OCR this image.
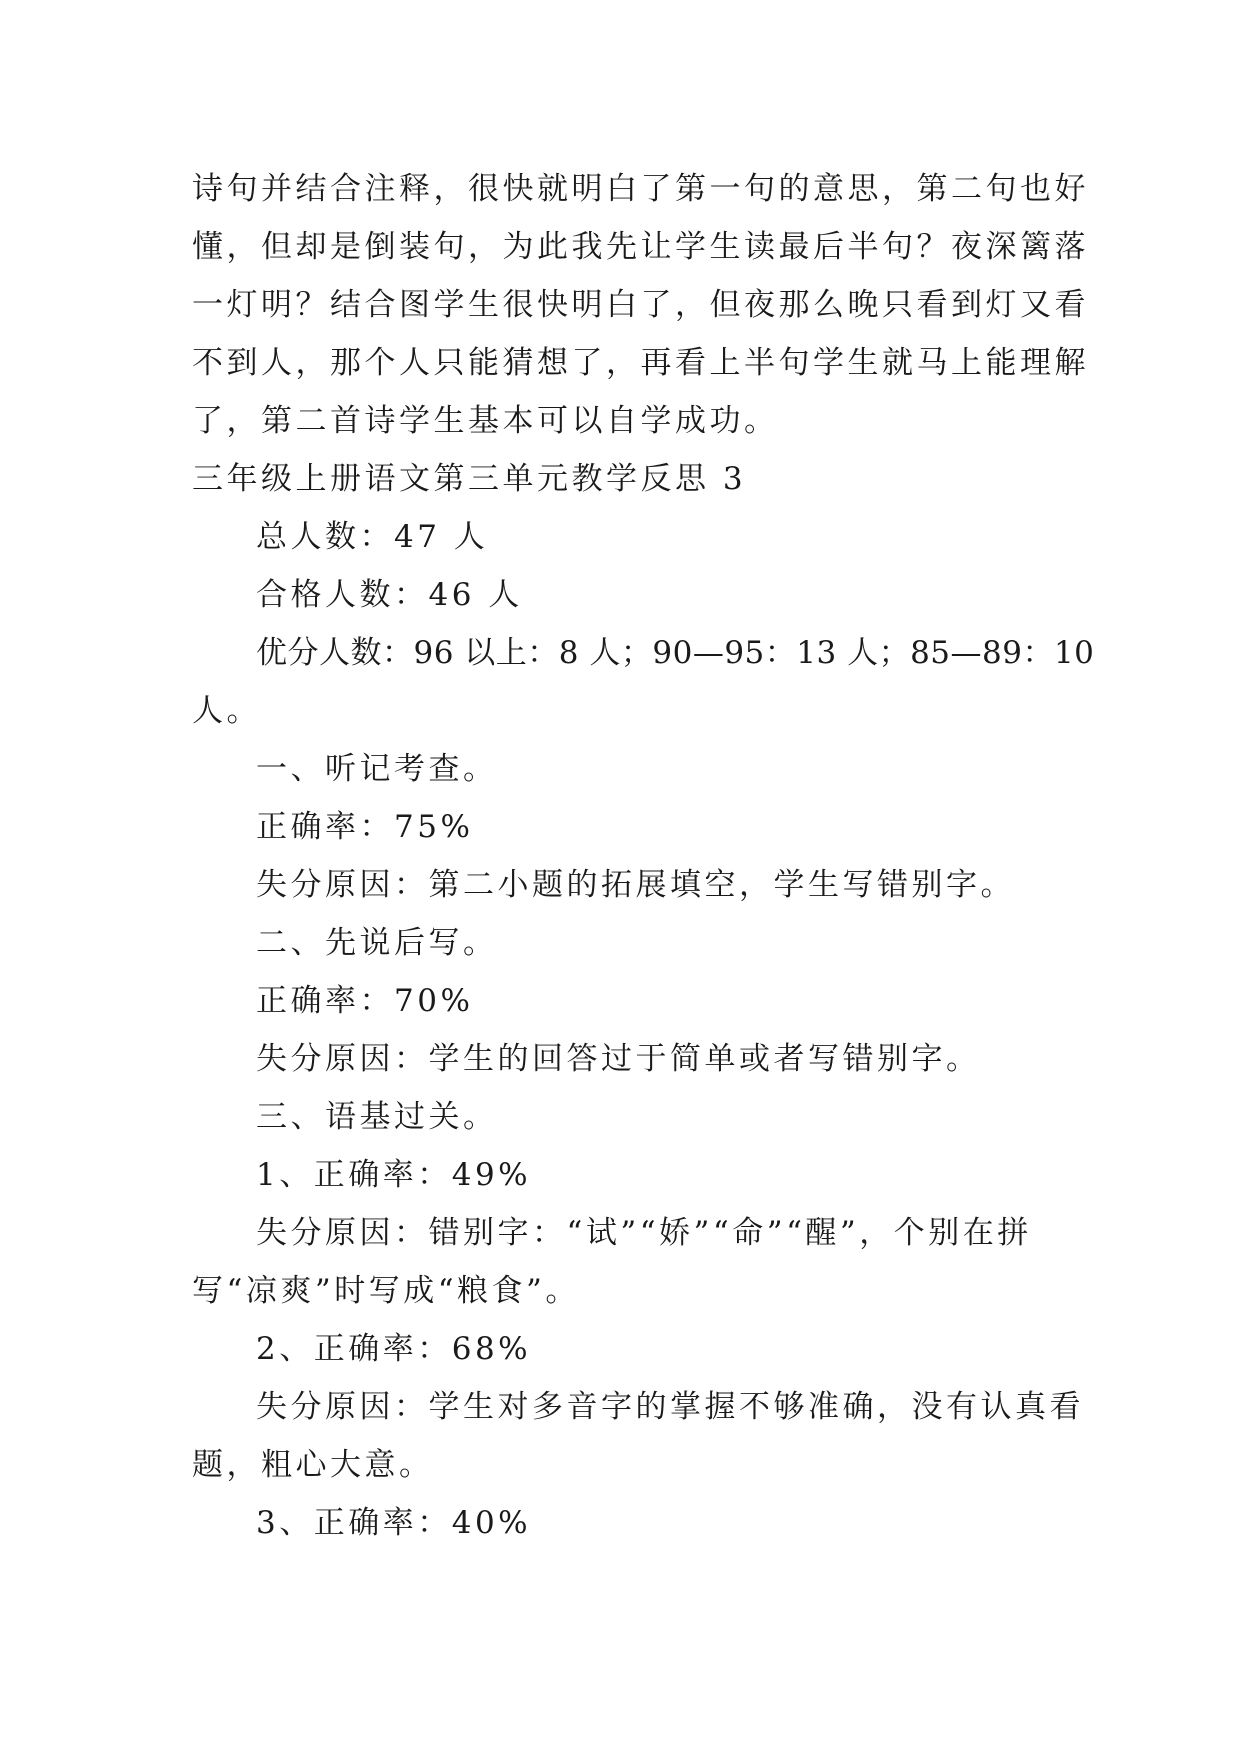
诗句并结合注释，很快就明白了第一句的意思，第二句也好
懂，但却是倒装句，为此我先让学生读最后半句？夜深篱落
一灯明？结合图学生很快明白了，但夜那么晚只看到灯又看
不到人，那个人只能猜想了，再看上半句学生就马上能理解
了，第二首诗学生基本可以自学成功。
三年级上册语文第三单元教学反思 3
总人数：47 人
合格人数：46 人
优分人数：96 以上：8 人；90—95：13 人；85—89：10
人。
一、听记考查。
正确率：75%
失分原因：第二小题的拓展填空，学生写错别字。
二、先说后写。
正确率：70%
失分原因：学生的回答过于简单或者写错别字。
三、语基过关。
1、正确率：49%
失分原因：错别字：“试”“娇”“命”“醒”，个别在拼
写“凉爽”时写成“粮食”。
2、正确率：68%
失分原因：学生对多音字的掌握不够准确，没有认真看
题，粗心大意。
3、正确率：40%
